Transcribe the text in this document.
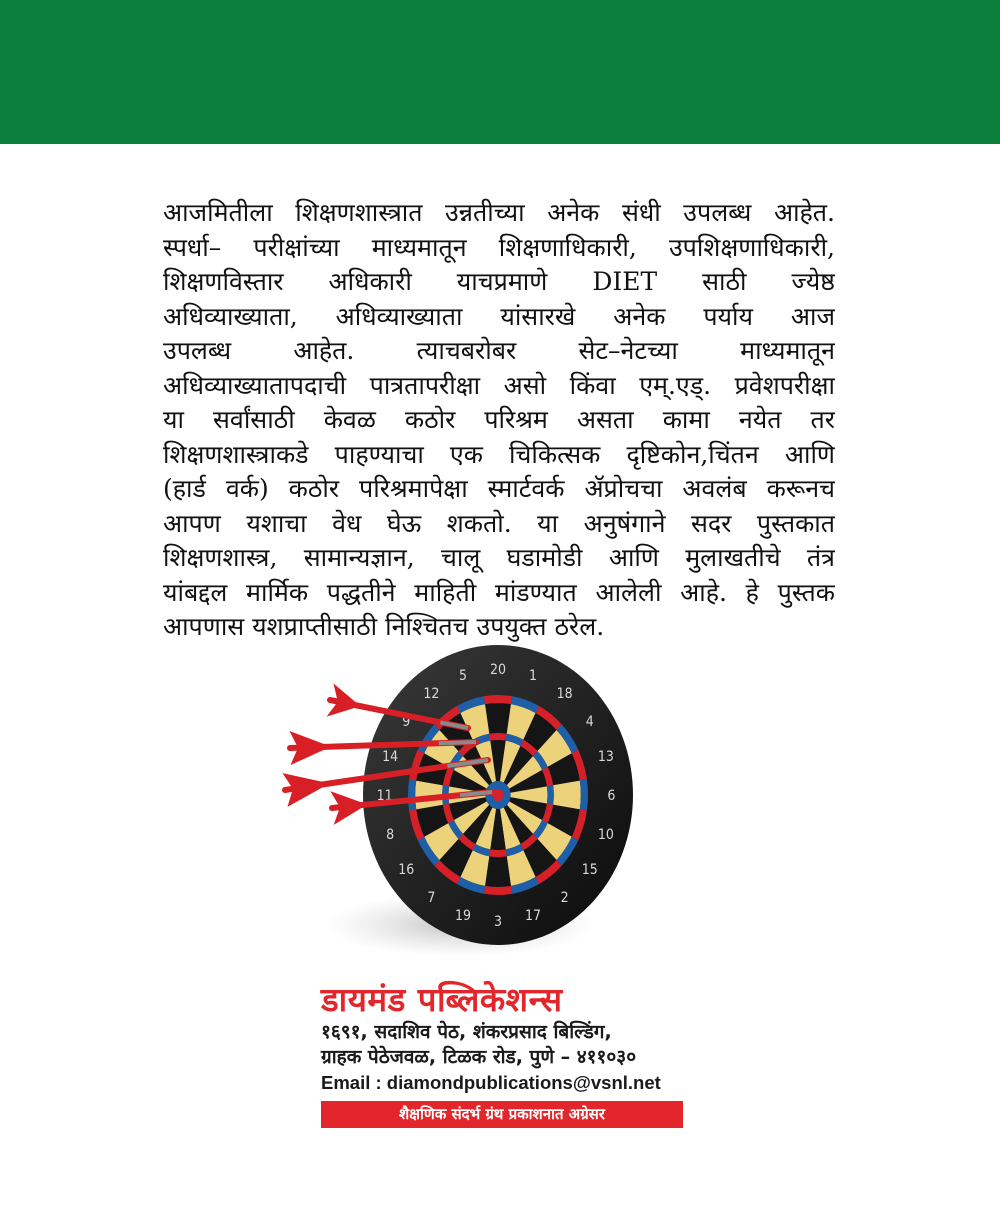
आजमितीला शिक्षणशास्त्रात उन्नतीच्या अनेक संधी उपलब्ध आहेत.
स्पर्धा– परीक्षांच्या माध्यमातून शिक्षणाधिकारी, उपशिक्षणाधिकारी,
शिक्षणविस्तार अधिकारी याचप्रमाणे DIET साठी ज्येष्ठ
अधिव्याख्याता, अधिव्याख्याता यांसारखे अनेक पर्याय आज
उपलब्ध आहेत. त्याचबरोबर सेट–नेटच्या माध्यमातून
अधिव्याख्यातापदाची पात्रतापरीक्षा असो किंवा एम्.एड्. प्रवेशपरीक्षा
या सर्वांसाठी केवळ कठोर परिश्रम असता कामा नयेत तर
शिक्षणशास्त्राकडे पाहण्याचा एक चिकित्सक दृष्टिकोन,चिंतन आणि
(हार्ड वर्क) कठोर परिश्रमापेक्षा स्मार्टवर्क ॲप्रोचचा अवलंब करूनच
आपण यशाचा वेध घेऊ शकतो. या अनुषंगाने सदर पुस्तकात
शिक्षणशास्त्र, सामान्यज्ञान, चालू घडामोडी आणि मुलाखतीचे तंत्र
यांबद्दल मार्मिक पद्धतीने माहिती मांडण्यात आलेली आहे. हे पुस्तक
आपणास यशप्राप्तीसाठी निश्चितच उपयुक्त ठरेल.
20 1
18
4
13
6
10
15
2
17
3
19
7
16
8
11
14
9
12
5
डायमंड पब्लिकेशन्स
१६९१, सदाशिव पेठ, शंकरप्रसाद बिल्डिंग,
ग्राहक पेठेजवळ, टिळक रोड, पुणे – ४११०३०
Email : diamondpublications@vsnl.net
शैक्षणिक संदर्भ ग्रंथ प्रकाशनात अग्रेसर
